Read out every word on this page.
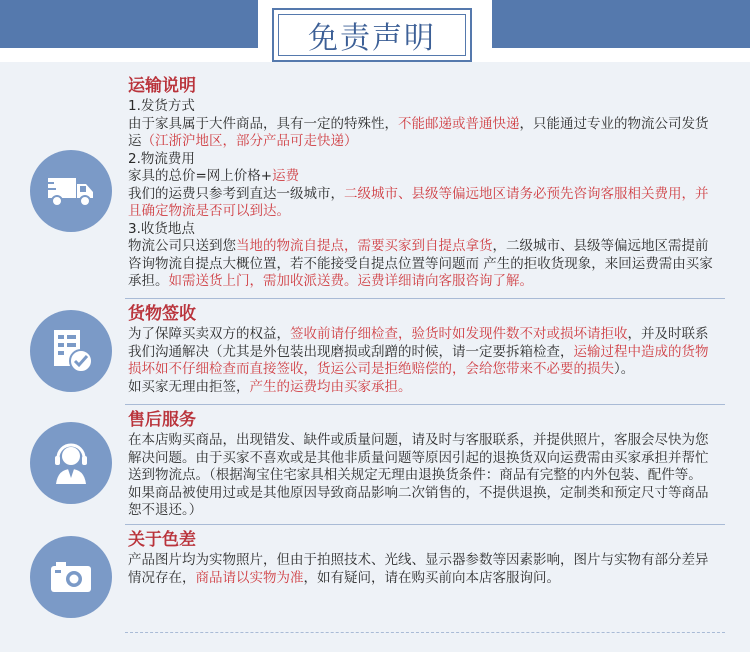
免责声明
运输说明

1.发货方式

由于家具属于大件商品，具有一定的特殊性，不能邮递或普通快递，只能通过专业的物流公司发货运（江浙沪地区，部分产品可走快递）

2.物流费用

家具的总价=网上价格+运费

我们的运费只参考到直达一级城市，二级城市、县级等偏远地区请务必预先咨询客服相关费用，并且确定物流是否可以到达。

3.收货地点

物流公司只送到您当地的物流自提点，需要买家到自提点拿货，二级城市、县级等偏远地区需提前咨询物流自提点大概位置，若不能接受自提点位置等问题而 产生的拒收货现象，来回运费需由买家承担。如需送货上门，需加收派送费。运费详细请向客服咨询了解。

货物签收

为了保障买卖双方的权益，签收前请仔细检查，验货时如发现件数不对或损坏请拒收，并及时联系我们沟通解决（尤其是外包装出现磨损或刮蹭的时候，请一定要拆箱检查，运输过程中造成的货物损坏如不仔细检查而直接签收，货运公司是拒绝赔偿的，会给您带来不必要的损失）。

如买家无理由拒签，产生的运费均由买家承担。

售后服务

在本店购买商品，出现错发、缺件或质量问题，请及时与客服联系，并提供照片，客服会尽快为您解决问题。由于买家不喜欢或是其他非质量问题等原因引起的退换货双向运费需由买家承担并帮忙送到物流点。（根据淘宝住宅家具相关规定无理由退换货条件：商品有完整的内外包装、配件等。如果商品被使用过或是其他原因导致商品影响二次销售的，不提供退换，定制类和预定尺寸等商品恕不退还。）

关于色差

产品图片均为实物照片，但由于拍照技术、光线、显示器参数等因素影响，图片与实物有部分差异情况存在，商品请以实物为准，如有疑问，请在购买前向本店客服询问。
